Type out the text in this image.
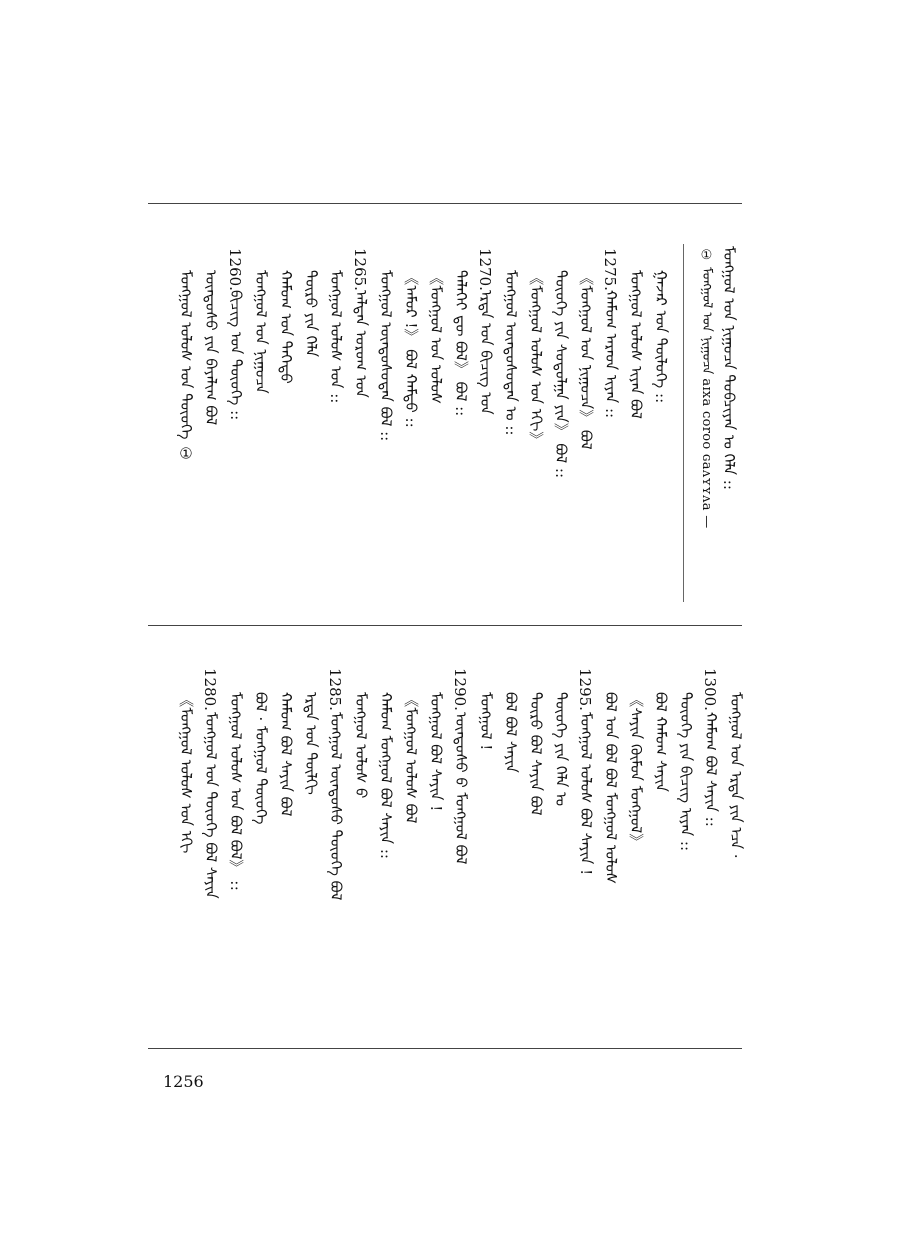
ᠮᠣᠩᠭᠣᠯ ᠤᠨ ᠨᠢᠭᠤᠴᠠ ᠲᠣᠪᠴᠢᠶᠠᠨ ᠤ ᠬᠡᠯᠡ ::
① ᠮᠣᠩᠭᠣᠯ ᠤᠨ ᠨᠢᠭᠤᠴᠠ aɪxa ᴄoroo ɢaʌʏʏʌa —
1275.
1270.
1265.
1260.
ᠭᠠᠵᠠᠷ ᠤᠨ ᠲᠥᠯᠦᠭᠡ ::
ᠮᠣᠩᠭᠣᠯ ᠤᠯᠤᠰ ᠢᠶᠠᠨ ᠪᠣᠯ
ᠬᠠᠮᠤᠭ ᠠᠷᠠᠳ ᠢᠶᠡᠨ ::
《ᠮᠣᠩᠭᠣᠯ ᠤᠨ ᠨᠢᠭᠤᠴᠠ》 ᠪᠣᠯ
ᠲᠦᠦᠬᠡ ᠶᠢᠨ ᠰᠤᠳᠤᠯᠭᠠ ᠶᠢᠨ》 ᠪᠣᠯ ::
《ᠮᠣᠩᠭᠣᠯ ᠤᠯᠤᠰ ᠤᠨ ᠡᠬᠢ》
ᠮᠣᠩᠭᠣᠯ ᠦᠨᠳᠦᠰᠦᠲᠡᠨ ᠤ ::
ᠡᠷᠲᠡ ᠤᠨ ᠪᠢᠴᠢᠭ ᠤᠨ
ᠳᠡᠯᠡᠬᠡᠢ ᠳᠦ ᠪᠣᠯ》 ᠪᠣᠯ ::
《ᠮᠣᠩᠭᠣᠯ ᠤᠨ ᠤᠯᠤᠰ
《ᠠᠮᠤᠷ !》 ᠪᠣᠯ ᠬᠠᠮᠲᠤ ::
ᠮᠣᠩᠭᠣᠯ ᠦᠨᠳᠦᠰᠦᠲᠡᠨ ᠪᠣᠯ ::
ᠠᠯᠲᠠᠨ ᠤᠷᠤᠭ ᠤᠨ
ᠮᠣᠩᠭᠣᠯ ᠤᠯᠤᠰ ᠤᠨ ::
ᠲᠥᠷᠥ ᠶᠢᠨ ᠬᠡᠯᠡ
ᠬᠠᠮᠤᠭ ᠤᠨ ᠳᠡᠭᠡᠳᠦ
ᠮᠣᠩᠭᠣᠯ ᠤᠨ ᠨᠢᠭᠤᠴᠠ
ᠪᠢᠴᠢᠭ ᠤᠨ ᠲᠦᠦᠬᠡ ::
ᠦᠨᠳᠦᠰᠦ ᠶᠢᠨ ᠪᠠᠶᠠᠯᠢᠭ ᠪᠣᠯ
ᠮᠣᠩᠭᠣᠯ ᠤᠯᠤᠰ ᠤᠨ ᠲᠦᠦᠬᠡ ①
1300.
1295.
1290.
1285.
1280.
ᠮᠣᠩᠭᠣᠯ ᠤᠨ ᠡᠷᠲᠡ ᠶᠢᠨ ᠡᠴᠡ ·
ᠬᠠᠮᠤᠭ ᠪᠣᠯ ᠰᠠᠶᠢᠨ ::
ᠲᠦᠦᠬᠡ ᠶᠢᠨ ᠪᠢᠴᠢᠭ ᠢᠶᠠᠨ ::
ᠪᠣᠯ ᠬᠠᠮᠤᠭ ᠰᠠᠶᠢᠨ
《ᠰᠠᠶᠢᠨ ᠬᠦᠮᠦᠨ ᠮᠣᠩᠭᠣᠯ》
ᠪᠣᠯ ᠤᠨ ᠪᠣᠯ ᠪᠣᠯ ᠮᠣᠩᠭᠣᠯ ᠤᠯᠤᠰ
ᠮᠣᠩᠭᠣᠯ ᠤᠯᠤᠰ ᠪᠣᠯ ᠰᠠᠶᠢᠨ !
ᠲᠦᠦᠬᠡ ᠶᠢᠨ ᠬᠡᠯᠡ ᠤ
ᠲᠥᠷᠥ ᠪᠣᠯ ᠰᠠᠶᠢᠨ ᠪᠣᠯ
ᠪᠣᠯ ᠪᠣᠯ ᠰᠠᠶᠢᠨ
ᠮᠣᠩᠭᠣᠯ !
ᠦᠨᠳᠦᠰᠦ ᠪ ᠮᠣᠩᠭᠣᠯ ᠪᠣᠯ
ᠮᠣᠩᠭᠣᠯ ᠪᠣᠯ ᠰᠠᠶᠢᠨ !
《ᠮᠣᠩᠭᠣᠯ ᠤᠯᠤᠰ ᠪᠣᠯ
ᠬᠠᠮᠤᠭ ᠮᠣᠩᠭᠣᠯ ᠪᠣᠯ ᠰᠠᠶᠢᠨ ::
ᠮᠣᠩᠭᠣᠯ ᠤᠯᠤᠰ ᠪ
ᠮᠣᠩᠭᠣᠯ ᠦᠨᠳᠦᠰᠦ ᠲᠦᠦᠬᠡ ᠪᠣᠯ
ᠡᠷᠲᠡ ᠤᠨ ᠲᠦᠯᠬᠢ
ᠬᠠᠮᠤᠭ ᠪᠣᠯ ᠰᠠᠶᠢᠨ ᠪᠣᠯ
ᠪᠣᠯ · ᠮᠣᠩᠭᠣᠯ ᠲᠦᠦᠬᠡ
ᠮᠣᠩᠭᠣᠯ ᠤᠯᠤᠰ ᠤᠨ ᠪᠣᠯ ᠪᠣᠯ》 ::
ᠮᠣᠩᠭᠣᠯ ᠤᠨ ᠲᠦᠦᠬᠡ ᠪᠣᠯ ᠰᠠᠶᠢᠨ
《ᠮᠣᠩᠭᠣᠯ ᠤᠯᠤᠰ ᠤᠨ ᠡᠬᠢ
1256
